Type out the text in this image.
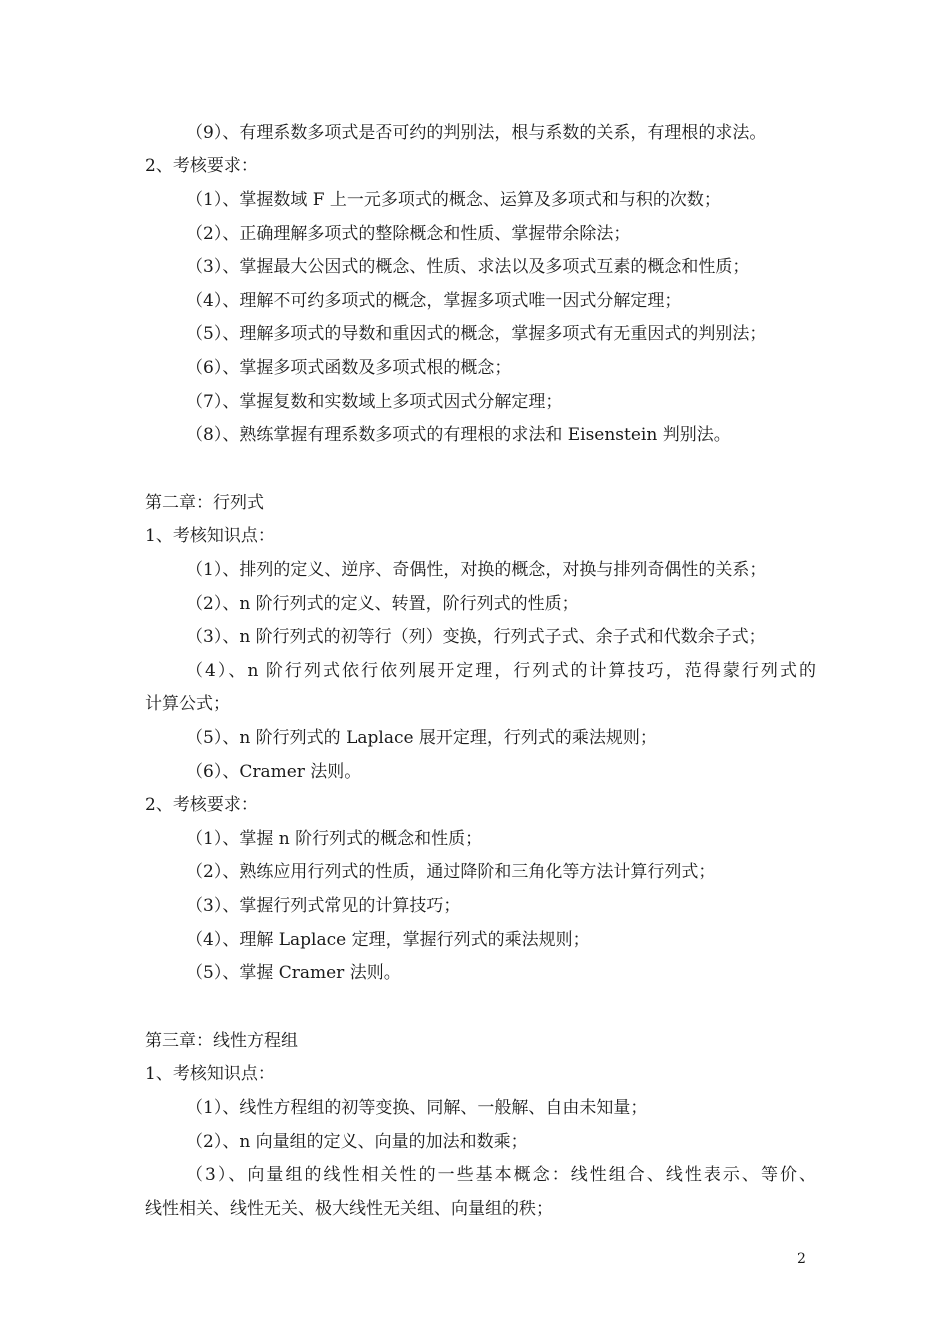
（9）、有理系数多项式是否可约的判别法，根与系数的关系，有理根的求法。
2、考核要求：
（1）、掌握数域 F 上一元多项式的概念、运算及多项式和与积的次数；
（2）、正确理解多项式的整除概念和性质、掌握带余除法；
（3）、掌握最大公因式的概念、性质、求法以及多项式互素的概念和性质；
（4）、理解不可约多项式的概念，掌握多项式唯一因式分解定理；
（5）、理解多项式的导数和重因式的概念，掌握多项式有无重因式的判别法；
（6）、掌握多项式函数及多项式根的概念；
（7）、掌握复数和实数域上多项式因式分解定理；
（8）、熟练掌握有理系数多项式的有理根的求法和 Eisenstein 判别法。
第二章：行列式
1、考核知识点：
（1）、排列的定义、逆序、奇偶性，对换的概念，对换与排列奇偶性的关系；
（2）、n 阶行列式的定义、转置，阶行列式的性质；
（3）、n 阶行列式的初等行（列）变换，行列式子式、余子式和代数余子式；
（4）、n 阶行列式依行依列展开定理，行列式的计算技巧，范得蒙行列式的
计算公式；
（5）、n 阶行列式的 Laplace 展开定理，行列式的乘法规则；
（6）、Cramer 法则。
2、考核要求：
（1）、掌握 n 阶行列式的概念和性质；
（2）、熟练应用行列式的性质，通过降阶和三角化等方法计算行列式；
（3）、掌握行列式常见的计算技巧；
（4）、理解 Laplace 定理，掌握行列式的乘法规则；
（5）、掌握 Cramer 法则。
第三章：线性方程组
1、考核知识点：
（1）、线性方程组的初等变换、同解、一般解、自由未知量；
（2）、n 向量组的定义、向量的加法和数乘；
（3）、向量组的线性相关性的一些基本概念：线性组合、线性表示、等价、
线性相关、线性无关、极大线性无关组、向量组的秩；
2
